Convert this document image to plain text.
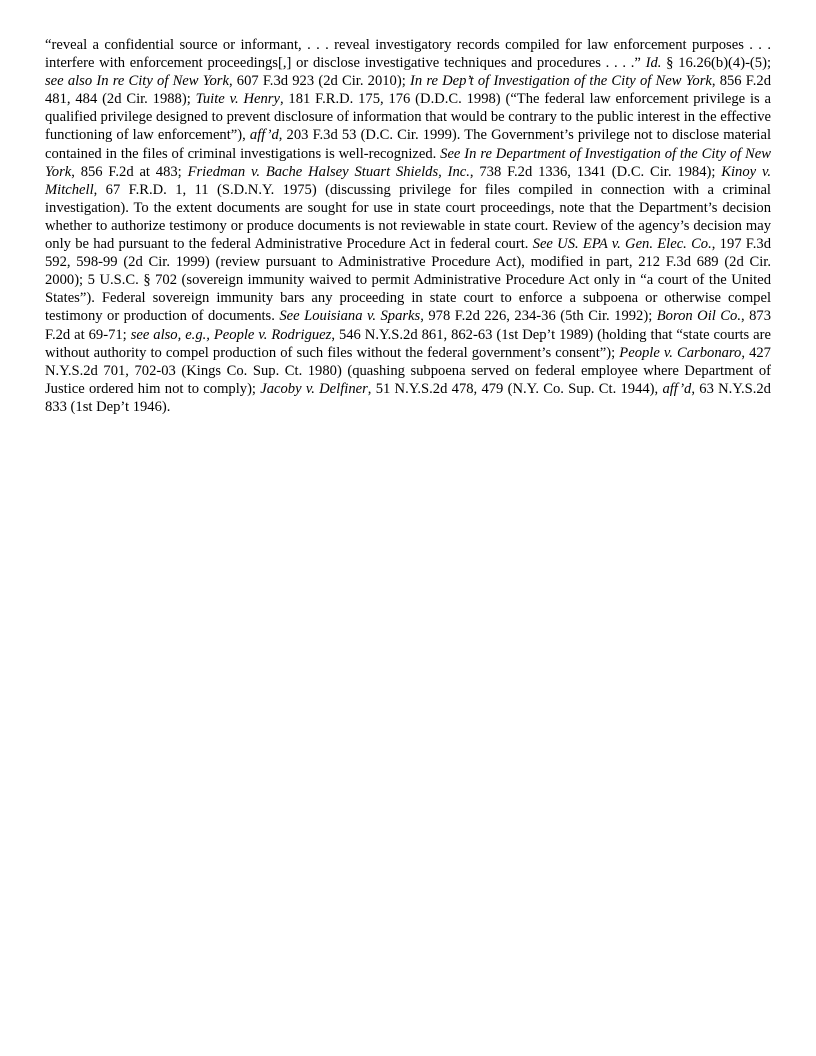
“reveal a confidential source or informant, . . . reveal investigatory records compiled for law enforcement purposes . . . interfere with enforcement proceedings[,] or disclose investigative techniques and procedures . . . .” Id. § 16.26(b)(4)-(5); see also In re City of New York, 607 F.3d 923 (2d Cir. 2010); In re Dep’t of Investigation of the City of New York, 856 F.2d 481, 484 (2d Cir. 1988); Tuite v. Henry, 181 F.R.D. 175, 176 (D.D.C. 1998) (“The federal law enforcement privilege is a qualified privilege designed to prevent disclosure of information that would be contrary to the public interest in the effective functioning of law enforcement”), aff’d, 203 F.3d 53 (D.C. Cir. 1999). The Government’s privilege not to disclose material contained in the files of criminal investigations is well-recognized. See In re Department of Investigation of the City of New York, 856 F.2d at 483; Friedman v. Bache Halsey Stuart Shields, Inc., 738 F.2d 1336, 1341 (D.C. Cir. 1984); Kinoy v. Mitchell, 67 F.R.D. 1, 11 (S.D.N.Y. 1975) (discussing privilege for files compiled in connection with a criminal investigation). To the extent documents are sought for use in state court proceedings, note that the Department’s decision whether to authorize testimony or produce documents is not reviewable in state court. Review of the agency’s decision may only be had pursuant to the federal Administrative Procedure Act in federal court. See US. EPA v. Gen. Elec. Co., 197 F.3d 592, 598-99 (2d Cir. 1999) (review pursuant to Administrative Procedure Act), modified in part, 212 F.3d 689 (2d Cir. 2000); 5 U.S.C. § 702 (sovereign immunity waived to permit Administrative Procedure Act only in “a court of the United States”). Federal sovereign immunity bars any proceeding in state court to enforce a subpoena or otherwise compel testimony or production of documents. See Louisiana v. Sparks, 978 F.2d 226, 234-36 (5th Cir. 1992); Boron Oil Co., 873 F.2d at 69-71; see also, e.g., People v. Rodriguez, 546 N.Y.S.2d 861, 862-63 (1st Dep’t 1989) (holding that “state courts are without authority to compel production of such files without the federal government’s consent”); People v. Carbonaro, 427 N.Y.S.2d 701, 702-03 (Kings Co. Sup. Ct. 1980) (quashing subpoena served on federal employee where Department of Justice ordered him not to comply); Jacoby v. Delfiner, 51 N.Y.S.2d 478, 479 (N.Y. Co. Sup. Ct. 1944), aff’d, 63 N.Y.S.2d 833 (1st Dep’t 1946).
